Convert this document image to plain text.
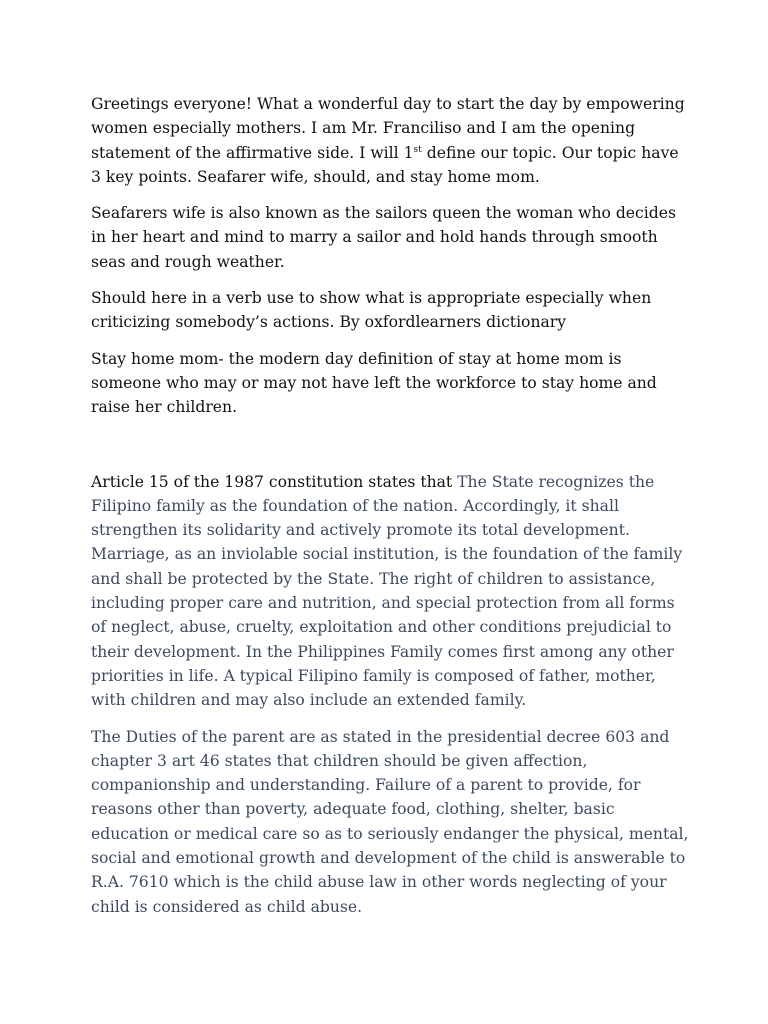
Greetings everyone! What a wonderful day to start the day by empowering women especially mothers. I am Mr. Franciliso and I am the opening statement of the affirmative side. I will 1st define our topic. Our topic have 3 key points. Seafarer wife, should, and stay home mom.

Seafarers wife is also known as the sailors queen the woman who decides in her heart and mind to marry a sailor and hold hands through smooth seas and rough weather.

Should here in a verb use to show what is appropriate especially when criticizing somebody’s actions. By oxfordlearners dictionary

Stay home mom- the modern day definition of stay at home mom is someone who may or may not have left the workforce to stay home and raise her children.

Article 15 of the 1987 constitution states that The State recognizes the Filipino family as the foundation of the nation. Accordingly, it shall strengthen its solidarity and actively promote its total development. Marriage, as an inviolable social institution, is the foundation of the family and shall be protected by the State. The right of children to assistance, including proper care and nutrition, and special protection from all forms of neglect, abuse, cruelty, exploitation and other conditions prejudicial to their development. In the Philippines Family comes first among any other priorities in life. A typical Filipino family is composed of father, mother, with children and may also include an extended family.

The Duties of the parent are as stated in the presidential decree 603 and chapter 3 art 46 states that children should be given affection, companionship and understanding. Failure of a parent to provide, for reasons other than poverty, adequate food, clothing, shelter, basic education or medical care so as to seriously endanger the physical, mental, social and emotional growth and development of the child is answerable to R.A. 7610 which is the child abuse law in other words neglecting of your child is considered as child abuse.
